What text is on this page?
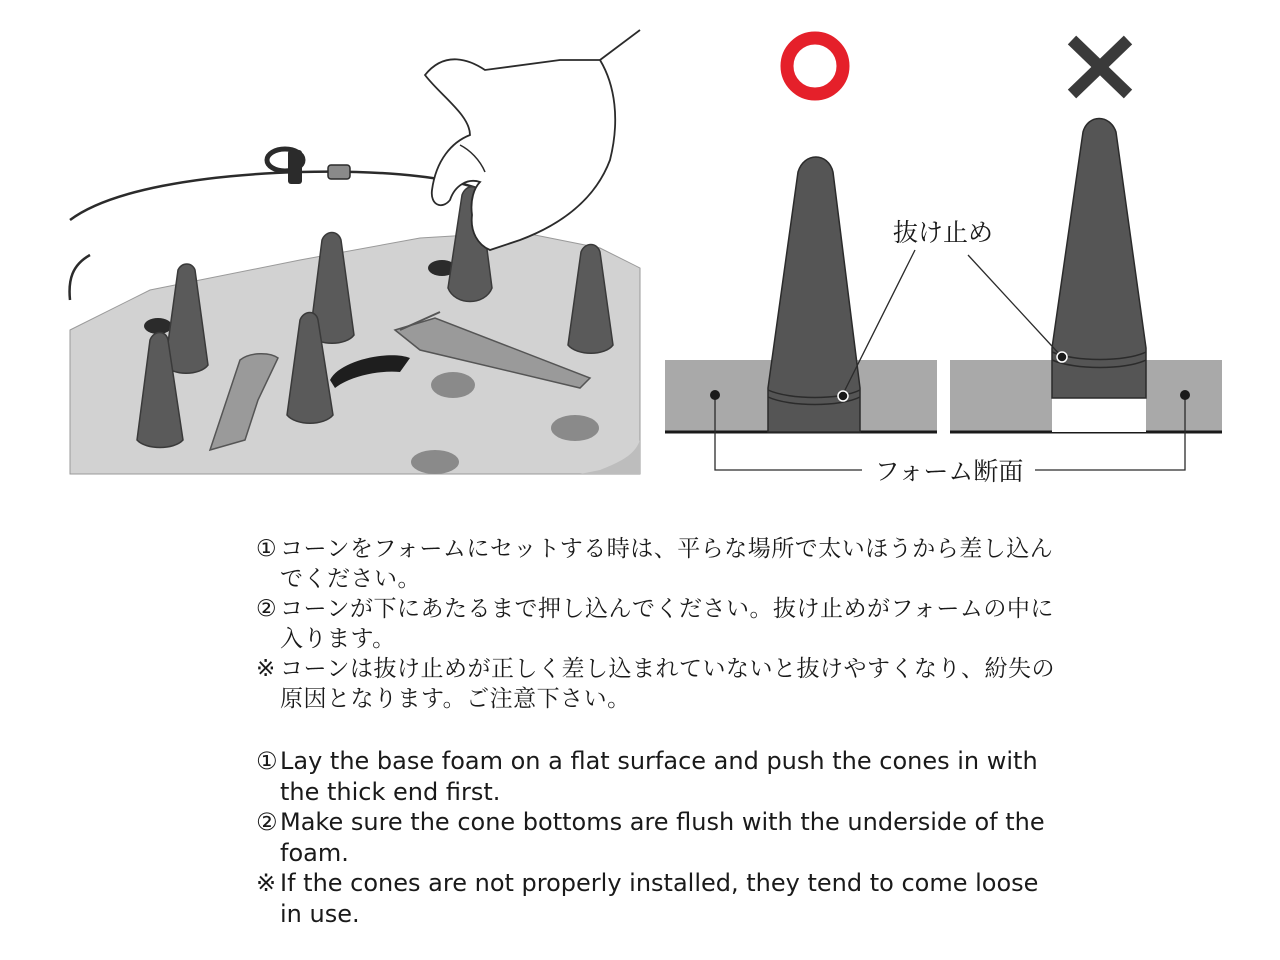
抜け止め
フォーム断面
① コーンをフォームにセットする時は、平らな場所で太いほうから差し込んでください。
② コーンが下にあたるまで押し込んでください。抜け止めがフォームの中に入ります。
※ コーンは抜け止めが正しく差し込まれていないと抜けやすくなり、紛失の原因となります。ご注意下さい。
① Lay the base foam on a flat surface and push the cones in with the thick end first.
② Make sure the cone bottoms are flush with the underside of the foam.
※ If the cones are not properly installed, they tend to come loose in use.
